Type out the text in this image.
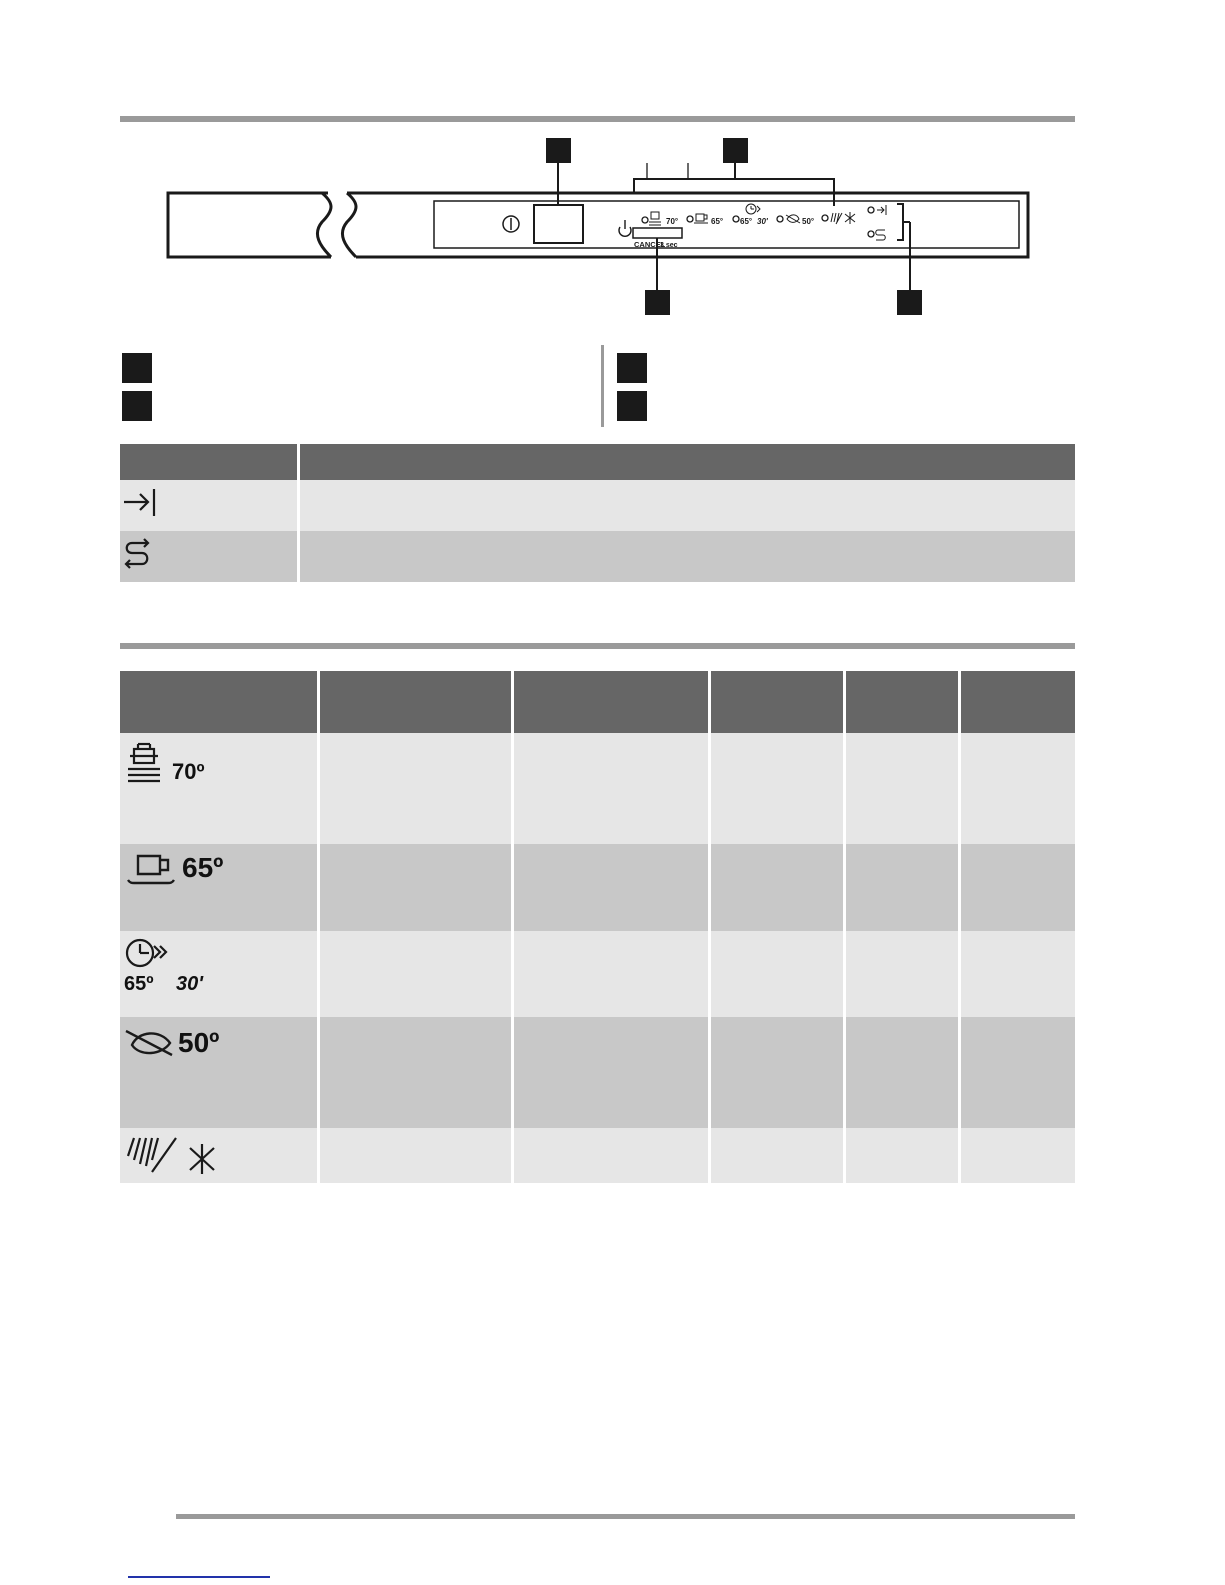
70°	65° 65° 30'	50°
CANCEL
3 sec

70º					

65º					

65º 30'					

50º					
